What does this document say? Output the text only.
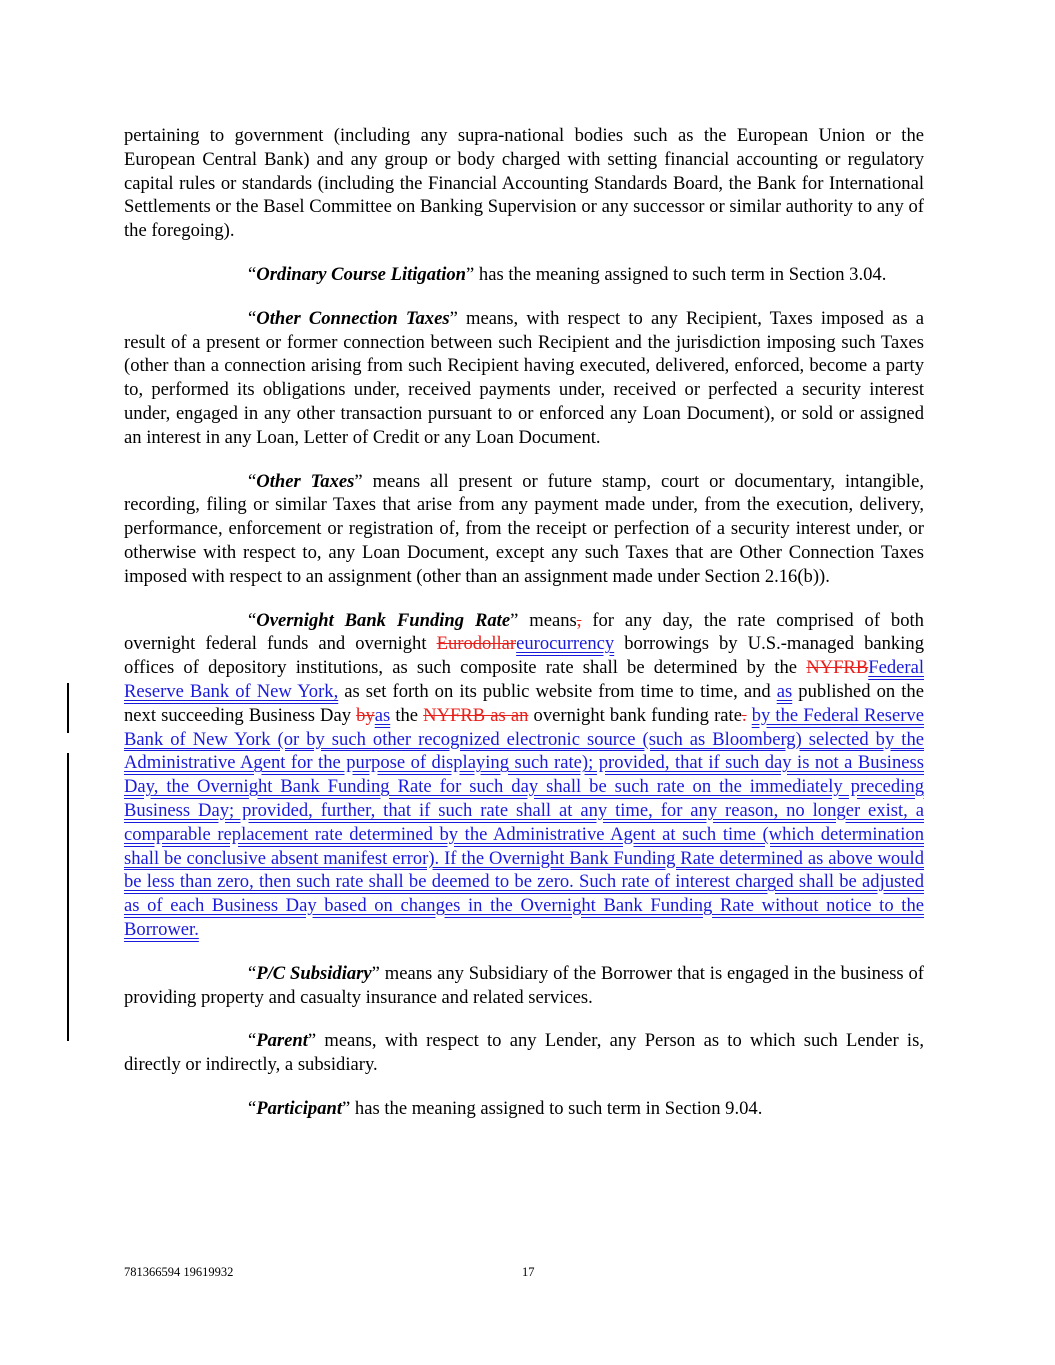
pertaining to government (including any supra-national bodies such as the European Union or the European Central Bank) and any group or body charged with setting financial accounting or regulatory capital rules or standards (including the Financial Accounting Standards Board, the Bank for International Settlements or the Basel Committee on Banking Supervision or any successor or similar authority to any of the foregoing).

“Ordinary Course Litigation” has the meaning assigned to such term in Section 3.04.

“Other Connection Taxes” means, with respect to any Recipient, Taxes imposed as a result of a present or former connection between such Recipient and the jurisdiction imposing such Taxes (other than a connection arising from such Recipient having executed, delivered, enforced, become a party to, performed its obligations under, received payments under, received or perfected a security interest under, engaged in any other transaction pursuant to or enforced any Loan Document), or sold or assigned an interest in any Loan, Letter of Credit or any Loan Document.

“Other Taxes” means all present or future stamp, court or documentary, intangible, recording, filing or similar Taxes that arise from any payment made under, from the execution, delivery, performance, enforcement or registration of, from the receipt or perfection of a security interest under, or otherwise with respect to, any Loan Document, except any such Taxes that are Other Connection Taxes imposed with respect to an assignment (other than an assignment made under Section 2.16(b)).

“Overnight Bank Funding Rate” means, for any day, the rate comprised of both overnight federal funds and overnight Eurodollareurocurrency borrowings by U.S.-managed banking offices of depository institutions, as such composite rate shall be determined by the NYFRBFederal Reserve Bank of New York, as set forth on its public website from time to time, and as published on the next succeeding Business Day byas the NYFRB as an overnight bank funding rate. by the Federal Reserve Bank of New York (or by such other recognized electronic source (such as Bloomberg) selected by the Administrative Agent for the purpose of displaying such rate); provided, that if such day is not a Business Day, the Overnight Bank Funding Rate for such day shall be such rate on the immediately preceding Business Day; provided, further, that if such rate shall at any time, for any reason, no longer exist, a comparable replacement rate determined by the Administrative Agent at such time (which determination shall be conclusive absent manifest error). If the Overnight Bank Funding Rate determined as above would be less than zero, then such rate shall be deemed to be zero. Such rate of interest charged shall be adjusted as of each Business Day based on changes in the Overnight Bank Funding Rate without notice to the Borrower.

“P/C Subsidiary” means any Subsidiary of the Borrower that is engaged in the business of providing property and casualty insurance and related services.

“Parent” means, with respect to any Lender, any Person as to which such Lender is, directly or indirectly, a subsidiary.

“Participant” has the meaning assigned to such term in Section 9.04.

781366594 19619932	17
